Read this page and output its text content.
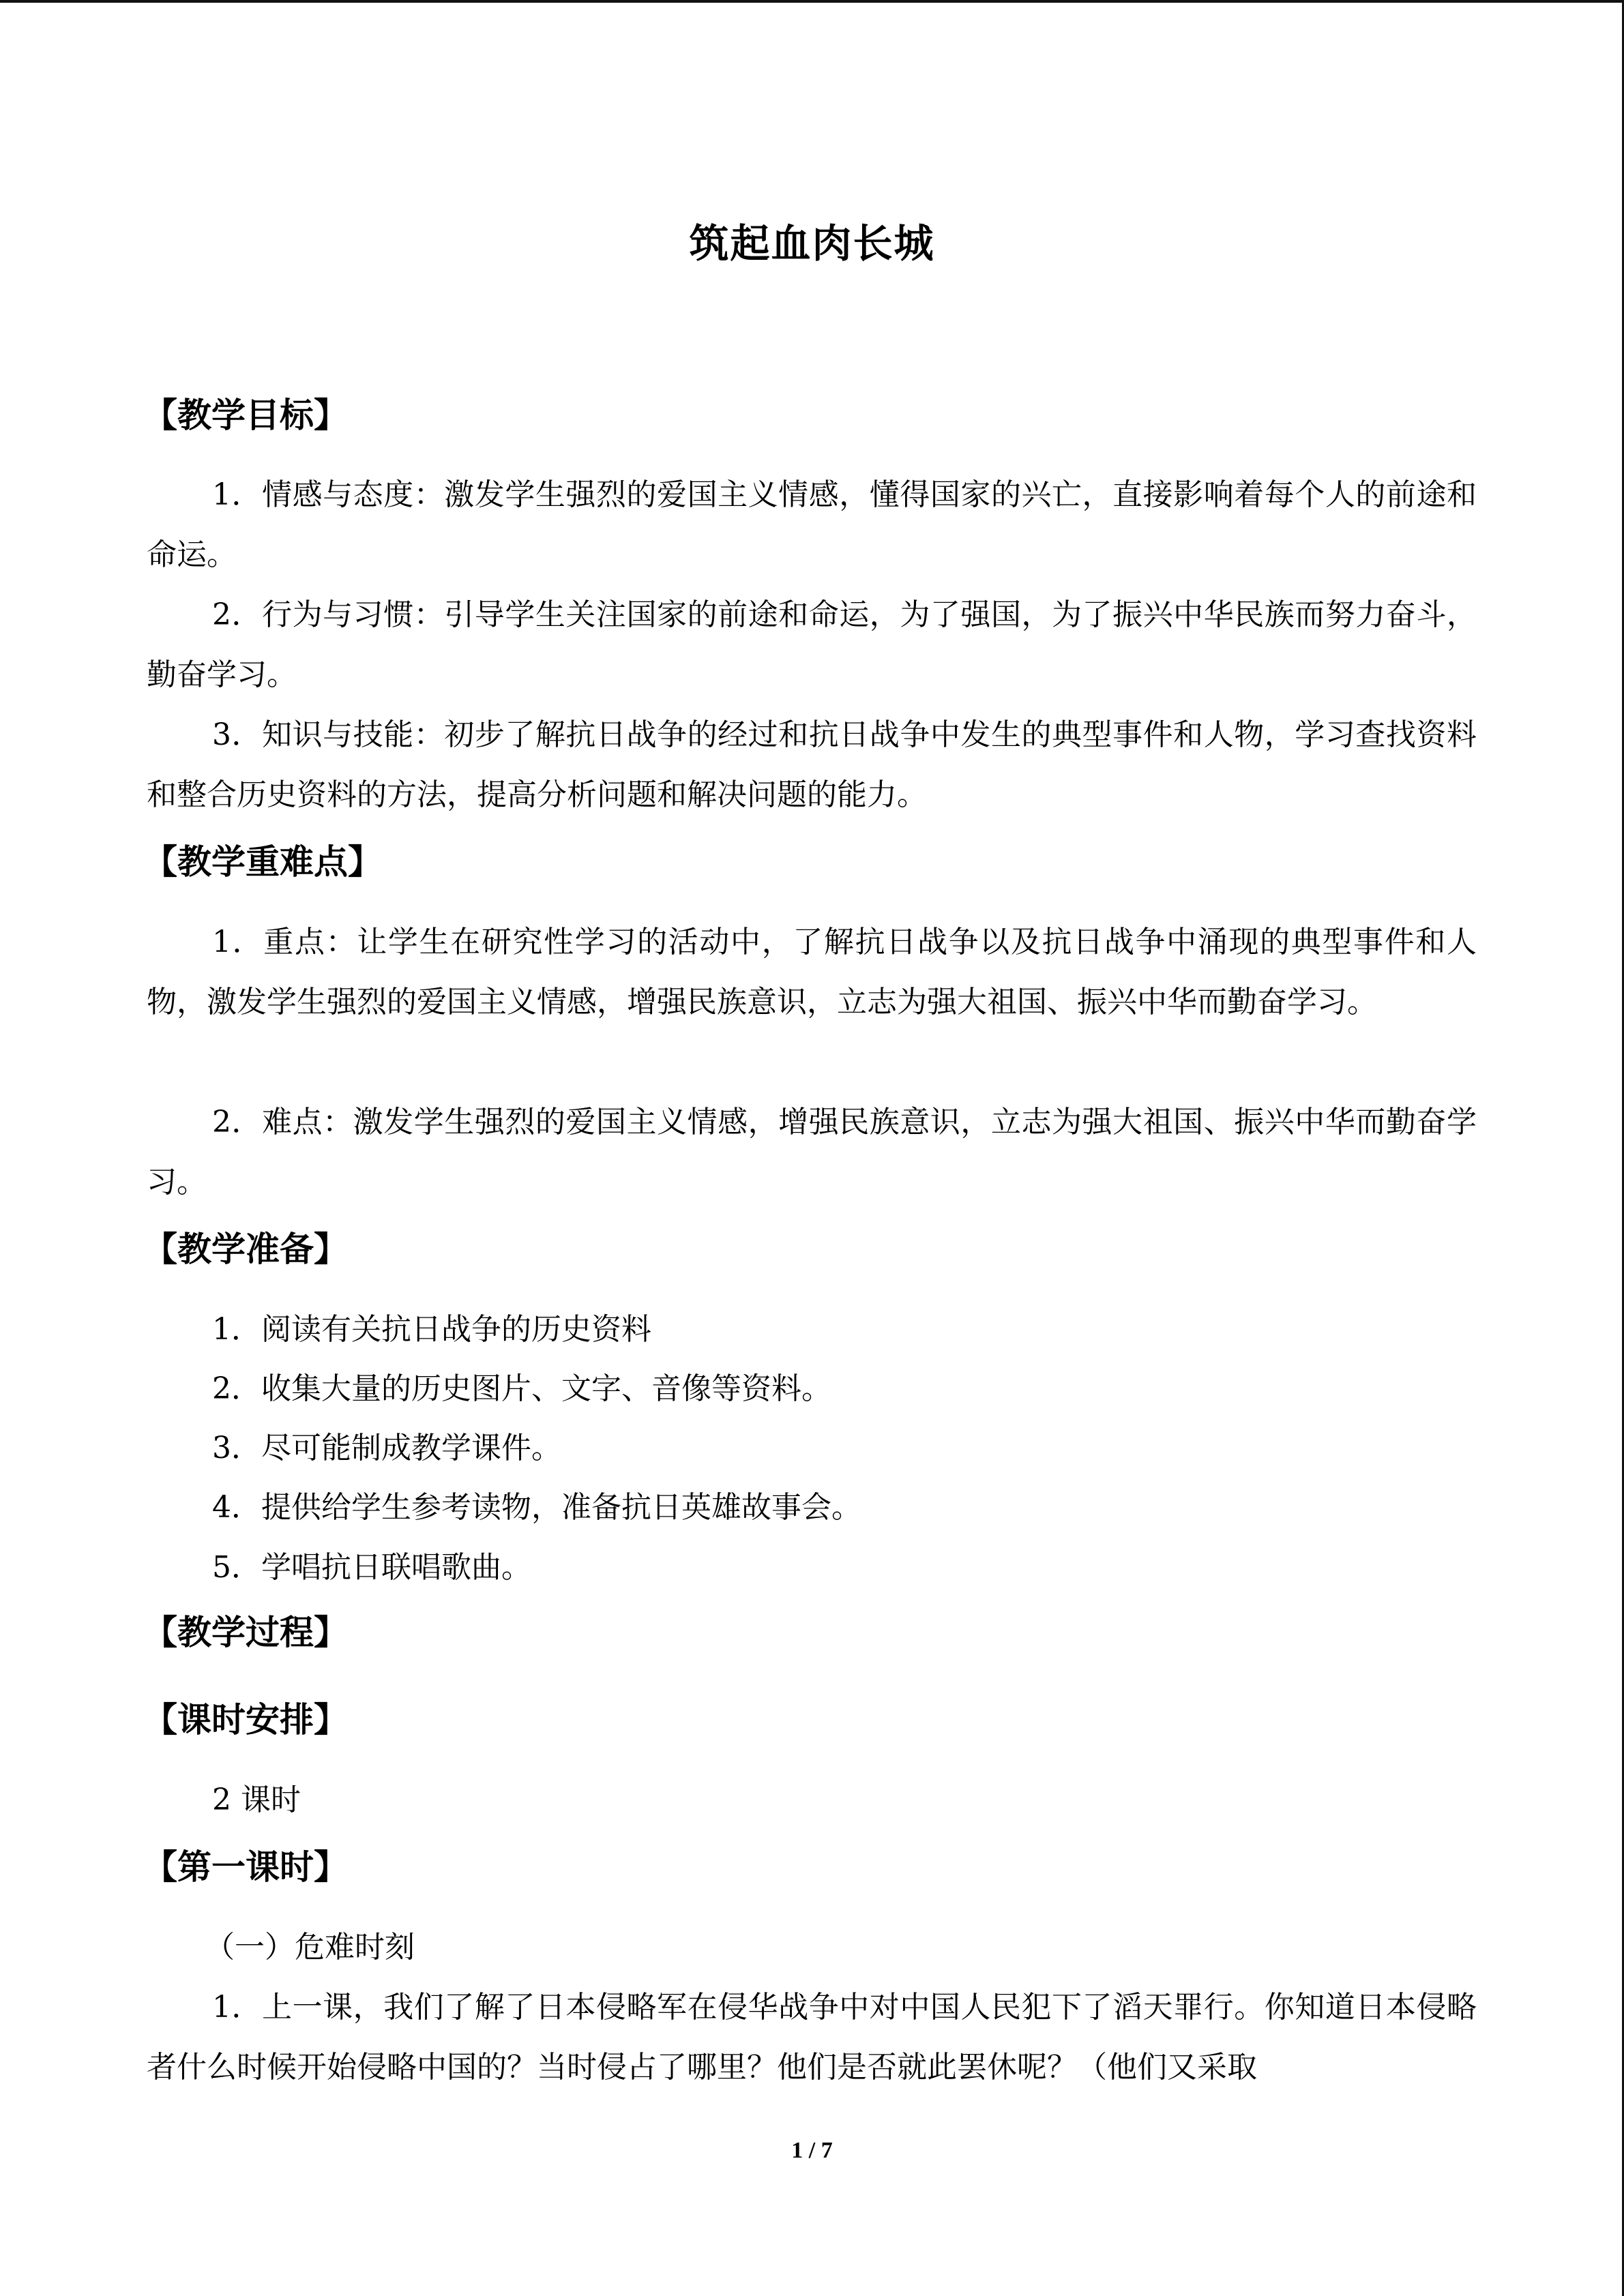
筑起血肉长城
【教学目标】
1．情感与态度：激发学生强烈的爱国主义情感，懂得国家的兴亡，直接影响着每个人的前途和命运。
2．行为与习惯：引导学生关注国家的前途和命运，为了强国，为了振兴中华民族而努力奋斗，勤奋学习。
3．知识与技能：初步了解抗日战争的经过和抗日战争中发生的典型事件和人物，学习查找资料和整合历史资料的方法，提高分析问题和解决问题的能力。
【教学重难点】
1．重点：让学生在研究性学习的活动中，了解抗日战争以及抗日战争中涌现的典型事件和人物，激发学生强烈的爱国主义情感，增强民族意识，立志为强大祖国、振兴中华而勤奋学习。
2．难点：激发学生强烈的爱国主义情感，增强民族意识，立志为强大祖国、振兴中华而勤奋学习。
【教学准备】
1．阅读有关抗日战争的历史资料
2．收集大量的历史图片、文字、音像等资料。
3．尽可能制成教学课件。
4．提供给学生参考读物，准备抗日英雄故事会。
5．学唱抗日联唱歌曲。
【教学过程】
【课时安排】
2 课时
【第一课时】
（一）危难时刻
1．上一课，我们了解了日本侵略军在侵华战争中对中国人民犯下了滔天罪行。你知道日本侵略者什么时候开始侵略中国的？当时侵占了哪里？他们是否就此罢休呢？（他们又采取
1 / 7
